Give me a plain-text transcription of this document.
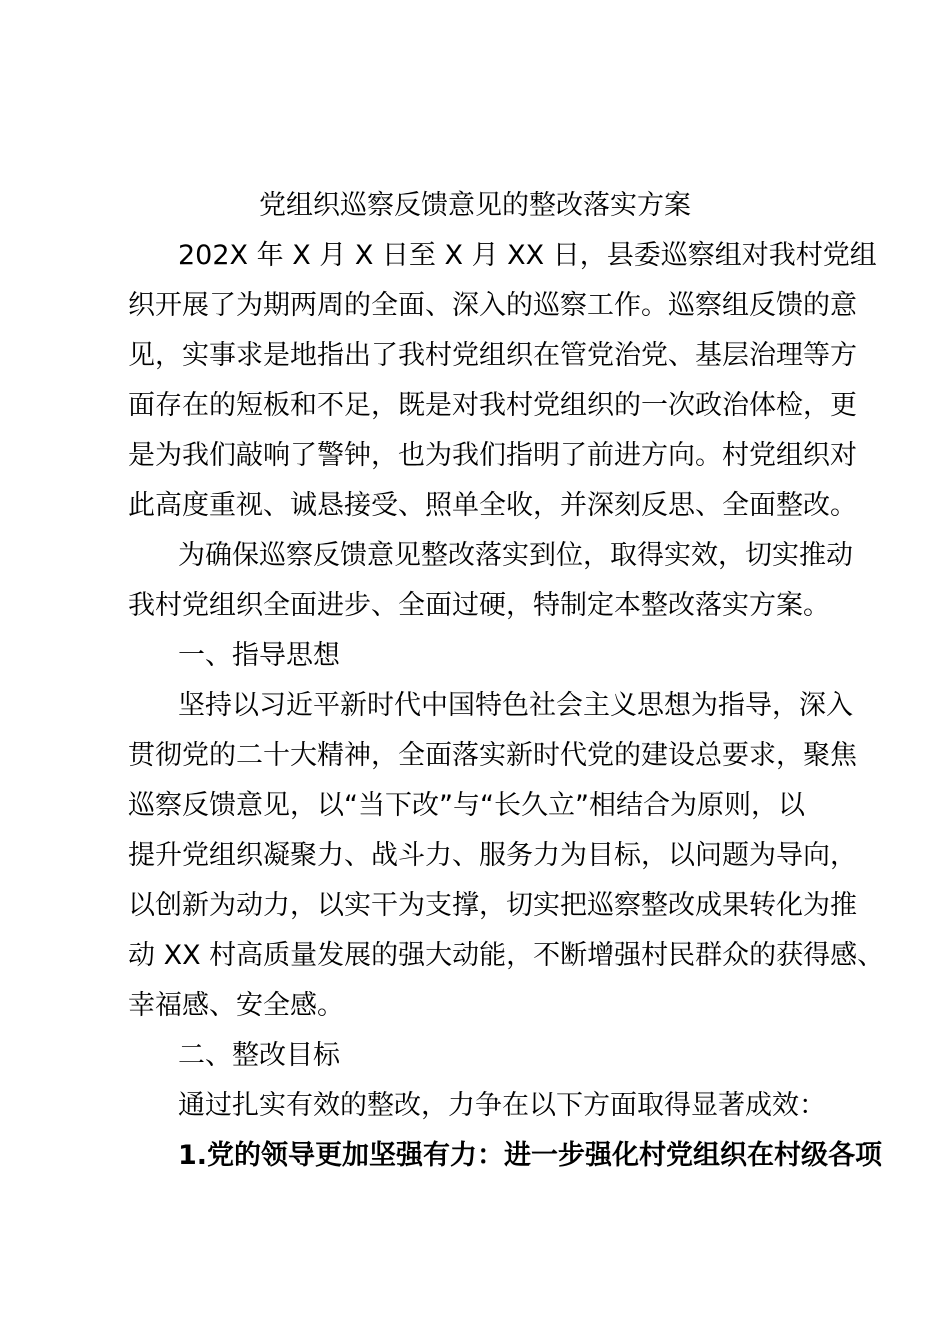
党组织巡察反馈意见的整改落实方案
202X 年 X 月 X 日至 X 月 XX 日，县委巡察组对我村党组
织开展了为期两周的全面、深入的巡察工作。巡察组反馈的意
见，实事求是地指出了我村党组织在管党治党、基层治理等方
面存在的短板和不足，既是对我村党组织的一次政治体检，更
是为我们敲响了警钟，也为我们指明了前进方向。村党组织对
此高度重视、诚恳接受、照单全收，并深刻反思、全面整改。
为确保巡察反馈意见整改落实到位，取得实效，切实推动
我村党组织全面进步、全面过硬，特制定本整改落实方案。
一、指导思想
坚持以习近平新时代中国特色社会主义思想为指导，深入
贯彻党的二十大精神，全面落实新时代党的建设总要求，聚焦
巡察反馈意见，以“当下改”与“长久立”相结合为原则，以
提升党组织凝聚力、战斗力、服务力为目标，以问题为导向，
以创新为动力，以实干为支撑，切实把巡察整改成果转化为推
动 XX 村高质量发展的强大动能，不断增强村民群众的获得感、
幸福感、安全感。
二、整改目标
通过扎实有效的整改，力争在以下方面取得显著成效：
1.党的领导更加坚强有力：进一步强化村党组织在村级各项
